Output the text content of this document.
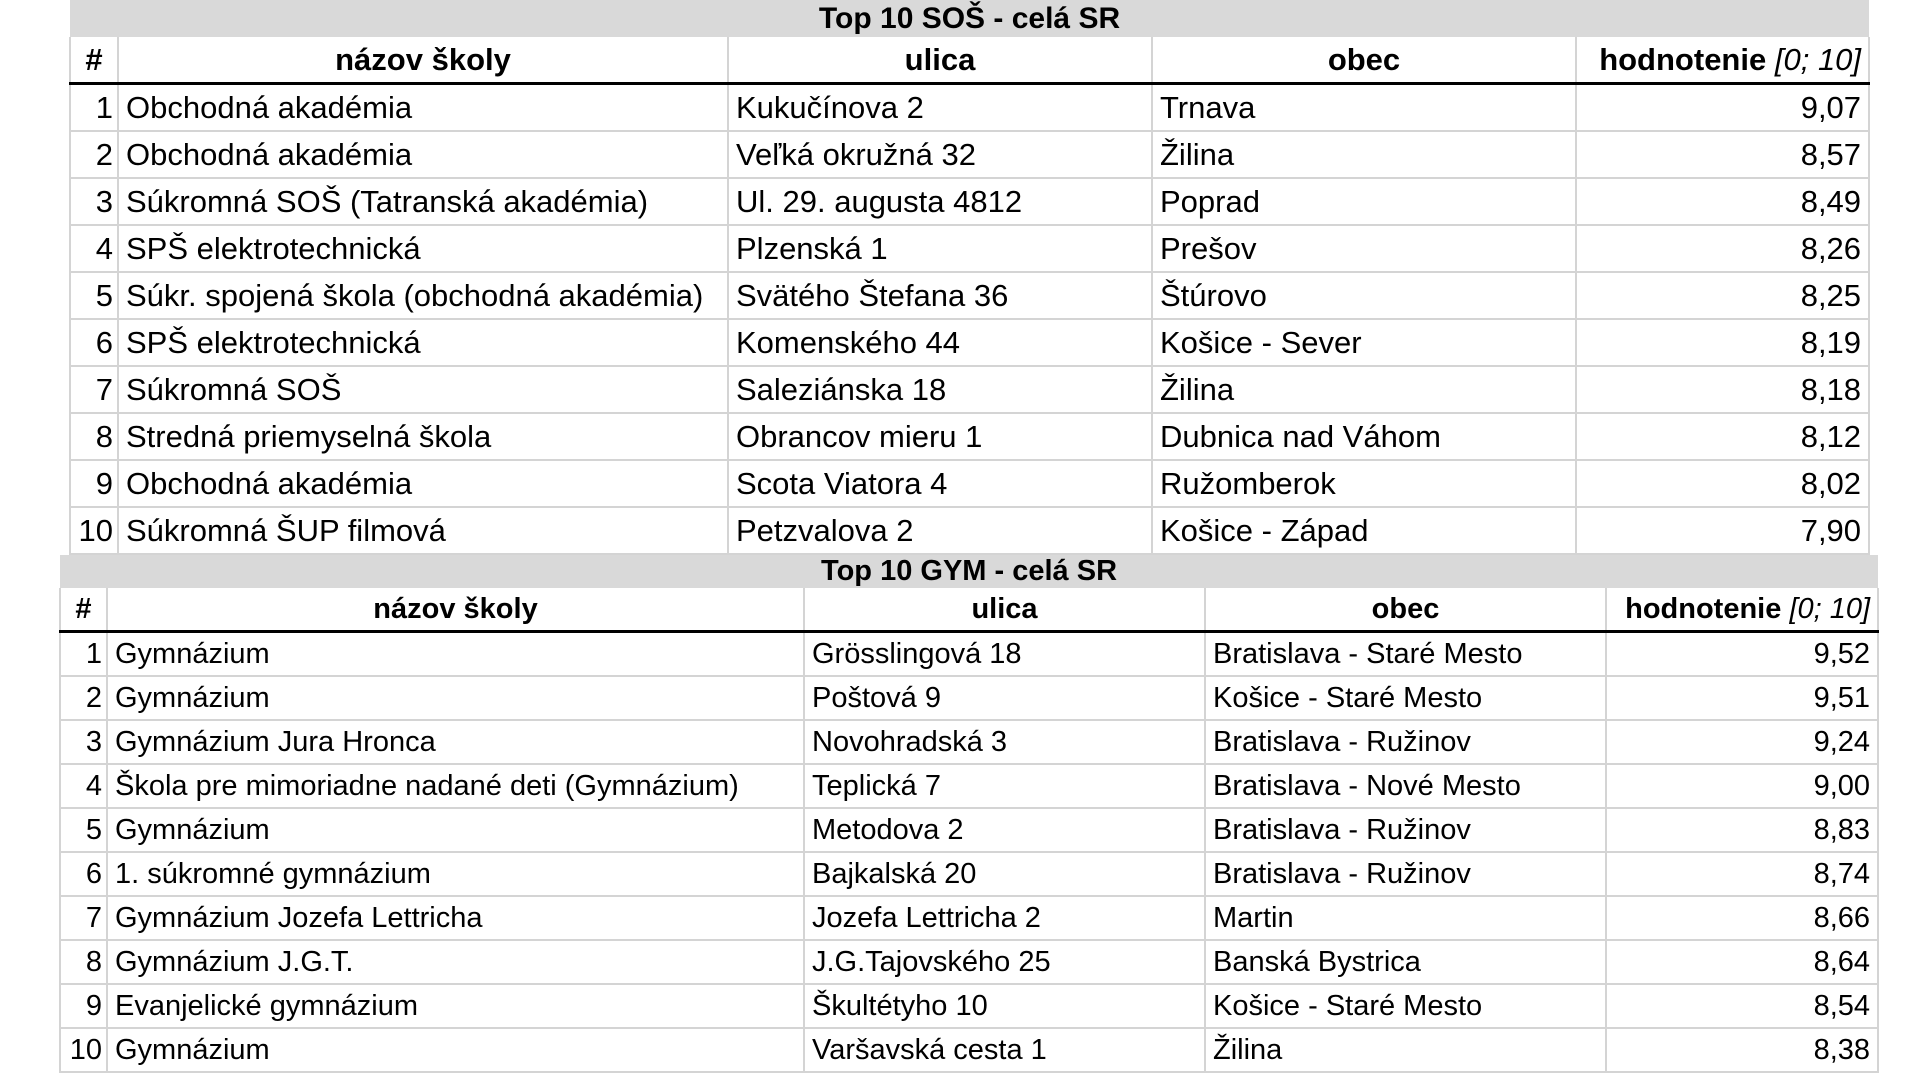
Top 10 SOŠ - celá SR				
#	názov školy	ulica	obec	hodnotenie [0; 10]
1	Obchodná akadémia	Kukučínova 2	Trnava	9,07
2	Obchodná akadémia	Veľká okružná 32	Žilina	8,57
3	Súkromná SOŠ (Tatranská akadémia)	Ul. 29. augusta 4812	Poprad	8,49
4	SPŠ elektrotechnická	Plzenská 1	Prešov	8,26
5	Súkr. spojená škola (obchodná akadémia)	Svätého Štefana 36	Štúrovo	8,25
6	SPŠ elektrotechnická	Komenského 44	Košice - Sever	8,19
7	Súkromná SOŠ	Saleziánska 18	Žilina	8,18
8	Stredná priemyselná škola	Obrancov mieru 1	Dubnica nad Váhom	8,12
9	Obchodná akadémia	Scota Viatora 4	Ružomberok	8,02
10	Súkromná ŠUP filmová	Petzvalova 2	Košice - Západ	7,90
Top 10 GYM - celá SR				
#	názov školy	ulica	obec	hodnotenie [0; 10]
1	Gymnázium	Grösslingová 18	Bratislava - Staré Mesto	9,52
2	Gymnázium	Poštová 9	Košice - Staré Mesto	9,51
3	Gymnázium Jura Hronca	Novohradská 3	Bratislava - Ružinov	9,24
4	Škola pre mimoriadne nadané deti (Gymnázium)	Teplická 7	Bratislava - Nové Mesto	9,00
5	Gymnázium	Metodova 2	Bratislava - Ružinov	8,83
6	1. súkromné gymnázium	Bajkalská 20	Bratislava - Ružinov	8,74
7	Gymnázium Jozefa Lettricha	Jozefa Lettricha 2	Martin	8,66
8	Gymnázium J.G.T.	J.G.Tajovského 25	Banská Bystrica	8,64
9	Evanjelické gymnázium	Škultétyho 10	Košice - Staré Mesto	8,54
10	Gymnázium	Varšavská cesta 1	Žilina	8,38
